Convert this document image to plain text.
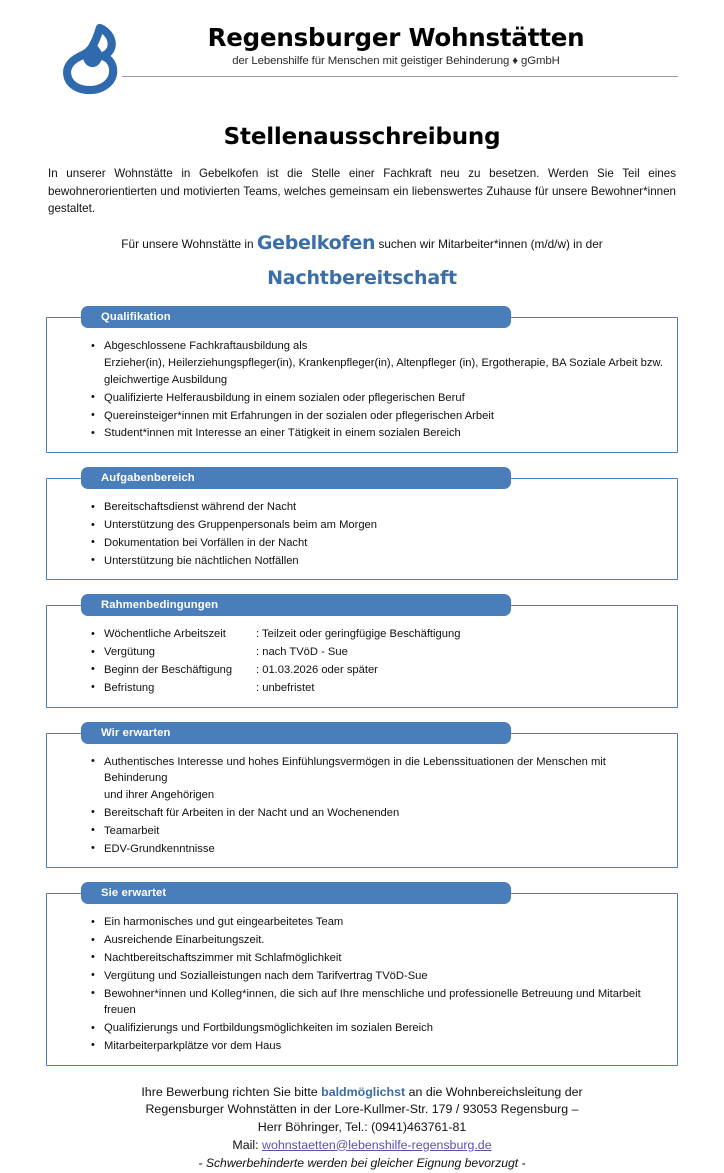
Regensburger Wohnstätten
der Lebenshilfe für Menschen mit geistiger Behinderung ♦ gGmbH
Stellenausschreibung

In unserer Wohnstätte in Gebelkofen ist die Stelle einer Fachkraft neu zu besetzen. Werden Sie Teil eines bewohnerorientierten und motivierten Teams, welches gemeinsam ein liebenswertes Zuhause für unsere Bewohner*innen gestaltet.

Für unsere Wohnstätte in Gebelkofen suchen wir Mitarbeiter*innen (m/d/w) in der
Nachtbereitschaft
Qualifikation
• Abgeschlossene Fachkraftausbildung als
Erzieher(in), Heilerziehungspfleger(in), Krankenpfleger(in), Altenpfleger (in), Ergotherapie, BA Soziale Arbeit bzw.
gleichwertige Ausbildung
• Qualifizierte Helferausbildung in einem sozialen oder pflegerischen Beruf
• Quereinsteiger*innen mit Erfahrungen in der sozialen oder pflegerischen Arbeit
• Student*innen mit Interesse an einer Tätigkeit in einem sozialen Bereich
Aufgabenbereich
• Bereitschaftsdienst während der Nacht
• Unterstützung des Gruppenpersonals beim am Morgen
• Dokumentation bei Vorfällen in der Nacht
• Unterstützung bie nächtlichen Notfällen
Rahmenbedingungen
• Wöchentliche Arbeitszeit	: Teilzeit oder geringfügige Beschäftigung
• Vergütung	: nach TVöD - Sue
• Beginn der Beschäftigung	: 01.03.2026 oder später
• Befristung	: unbefristet
Wir erwarten
• Authentisches Interesse und hohes Einfühlungsvermögen in die Lebenssituationen der Menschen mit Behinderung
und ihrer Angehörigen
• Bereitschaft für Arbeiten in der Nacht und an Wochenenden
• Teamarbeit
• EDV-Grundkenntnisse
Sie erwartet
• Ein harmonisches und gut eingearbeitetes Team
• Ausreichende Einarbeitungszeit.
• Nachtbereitschaftszimmer mit Schlafmöglichkeit
• Vergütung und Sozialleistungen nach dem Tarifvertrag TVöD-Sue
• Bewohner*innen und Kolleg*innen, die sich auf Ihre menschliche und professionelle Betreuung und Mitarbeit freuen
• Qualifizierungs und Fortbildungsmöglichkeiten im sozialen Bereich
• Mitarbeiterparkplätze vor dem Haus
Ihre Bewerbung richten Sie bitte baldmöglichst an die Wohnbereichsleitung der
Regensburger Wohnstätten in der Lore-Kullmer-Str. 179 / 93053 Regensburg –
Herr Böhringer, Tel.: (0941)463761-81
Mail: wohnstaetten@lebenshilfe-regensburg.de
- Schwerbehinderte werden bei gleicher Eignung bevorzugt -
